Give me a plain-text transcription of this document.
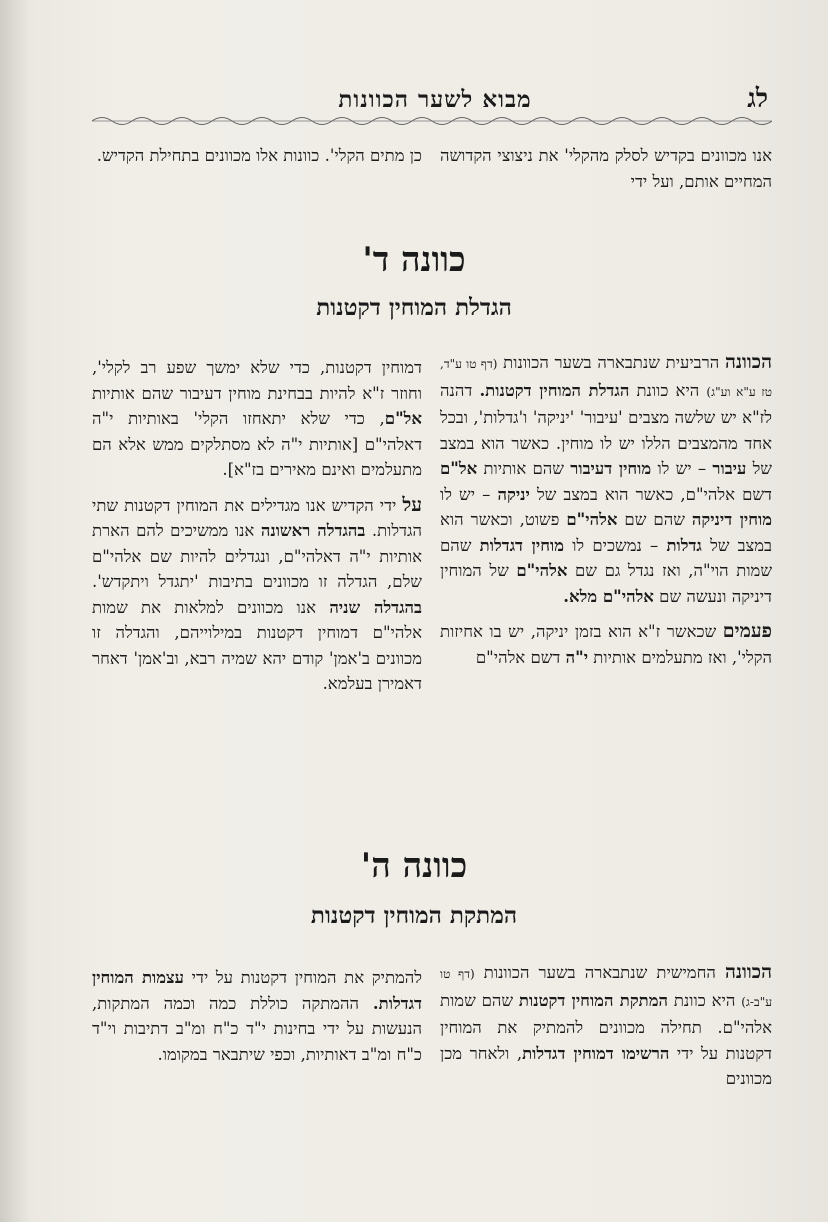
לג
מבוא לשער הכוונות

אנו מכוונים בקדיש לסלק מהקלי' את ניצוצי הקדושה המחיים אותם, ועל ידי

כן מתים הקלי'. כוונות אלו מכוונים בתחילת הקדיש.

כוונה ד'
הגדלת המוחין דקטנות

הכוונה הרביעית שנתבארה בשער הכוונות (דף טו ע"ד, טז ע"א וע"ג) היא כוונת הגדלת המוחין דקטנות. דהנה לז"א יש שלשה מצבים 'עיבור' 'יניקה' ו'גדלות', ובכל אחד מהמצבים הללו יש לו מוחין. כאשר הוא במצב של עיבור – יש לו מוחין דעיבור שהם אותיות אל"ם דשם אלהי"ם, כאשר הוא במצב של יניקה – יש לו מוחין דיניקה שהם שם אלהי"ם פשוט, וכאשר הוא במצב של גדלות – נמשכים לו מוחין דגדלות שהם שמות הוי"ה, ואז נגדל גם שם אלהי"ם של המוחין דיניקה ונעשה שם אלהי"ם מלא.

פעמים שכאשר ז"א הוא בזמן יניקה, יש בו אחיזות הקלי', ואז מתעלמים אותיות י"ה דשם אלהי"ם

דמוחין דקטנות, כדי שלא ימשך שפע רב לקלי', וחוזר ז"א להיות בבחינת מוחין דעיבור שהם אותיות אל"ם, כדי שלא יתאחזו הקלי' באותיות י"ה דאלהי"ם [אותיות י"ה לא מסתלקים ממש אלא הם מתעלמים ואינם מאירים בז"א].

על ידי הקדיש אנו מגדילים את המוחין דקטנות שתי הגדלות. בהגדלה ראשונה אנו ממשיכים להם הארת אותיות י"ה דאלהי"ם, ונגדלים להיות שם אלהי"ם שלם, הגדלה זו מכוונים בתיבות 'יתגדל ויתקדש'. בהגדלה שניה אנו מכוונים למלאות את שמות אלהי"ם דמוחין דקטנות במילוייהם, והגדלה זו מכוונים ב'אמן' קודם יהא שמיה רבא, וב'אמן' דאחר דאמירן בעלמא.

כוונה ה'
המתקת המוחין דקטנות

הכוונה החמישית שנתבארה בשער הכוונות (דף טו ע"ב-ג) היא כוונת המתקת המוחין דקטנות שהם שמות אלהי"ם. תחילה מכוונים להמתיק את המוחין דקטנות על ידי הרשימו דמוחין דגדלות, ולאחר מכן מכוונים

להמתיק את המוחין דקטנות על ידי עצמות המוחין דגדלות. ההמתקה כוללת כמה וכמה המתקות, הנעשות על ידי בחינות י"ד כ"ח ומ"ב דתיבות וי"ד כ"ח ומ"ב דאותיות, וכפי שיתבאר במקומו.
